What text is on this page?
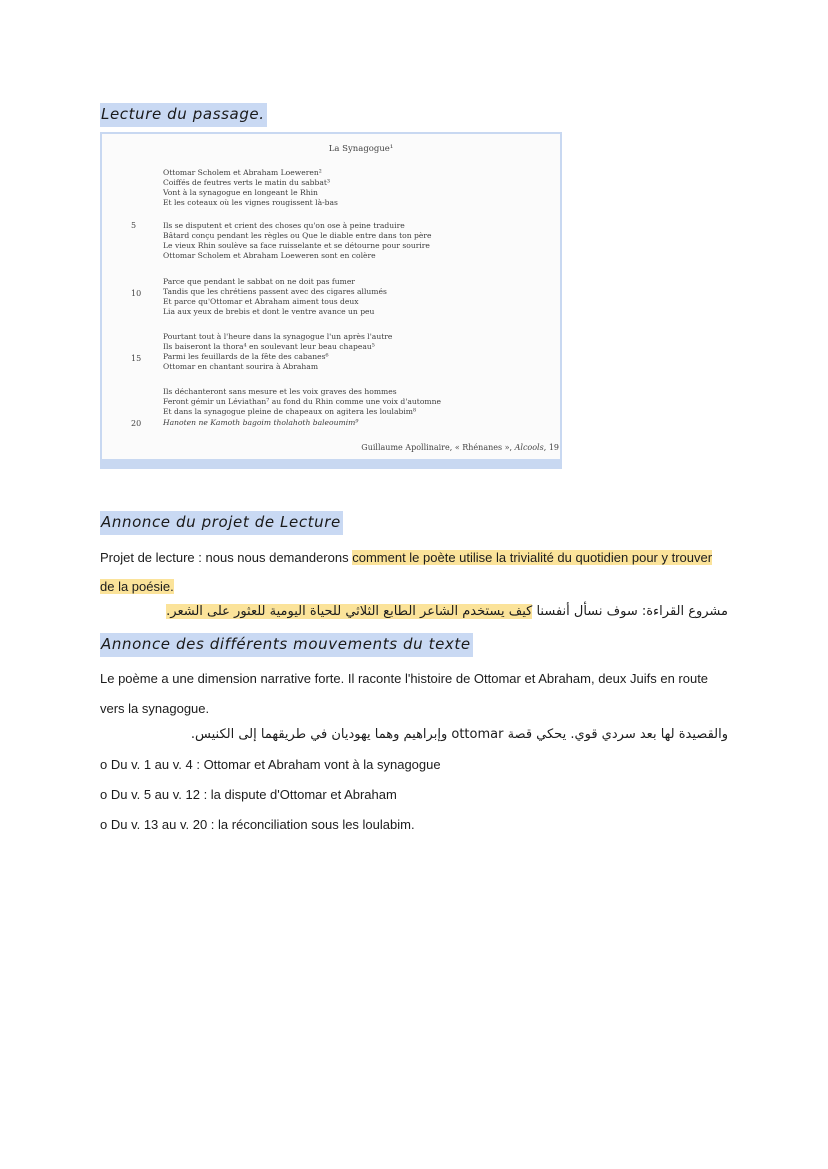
Lecture du passage.
La Synagogue¹
Ottomar Scholem et Abraham Loeweren²
Coiffés de feutres verts le matin du sabbat³
Vont à la synagogue en longeant le Rhin
Et les coteaux où les vignes rougissent là-bas
5	Ils se disputent et crient des choses qu'on ose à peine traduire
Bâtard conçu pendant les règles ou Que le diable entre dans ton père
Le vieux Rhin soulève sa face ruisselante et se détourne pour sourire
Ottomar Scholem et Abraham Loeweren sont en colère
Parce que pendant le sabbat on ne doit pas fumer
10	Tandis que les chrétiens passent avec des cigares allumés
Et parce qu'Ottomar et Abraham aiment tous deux
Lia aux yeux de brebis et dont le ventre avance un peu
Pourtant tout à l'heure dans la synagogue l'un après l'autre
Ils baiseront la thora⁴ en soulevant leur beau chapeau⁵
15	Parmi les feuillards de la fête des cabanes⁶
Ottomar en chantant sourira à Abraham
Ils déchanteront sans mesure et les voix graves des hommes
Feront gémir un Léviathan⁷ au fond du Rhin comme une voix d'automne
Et dans la synagogue pleine de chapeaux on agitera les loulabim⁸
20	Hanoten ne Kamoth bagoim tholahoth baleoumim⁹
Guillaume Apollinaire, « Rhénanes », Alcools, 19
Annonce du projet de Lecture
Projet de lecture : nous nous demanderons comment le poète utilise la trivialité du quotidien pour y trouver
de la poésie.
مشروع القراءة: سوف نسأل أنفسنا كيف يستخدم الشاعر الطابع الثلاثي للحياة اليومية للعثور على الشعر.
Annonce des différents mouvements du texte
Le poème a une dimension narrative forte. Il raconte l'histoire de Ottomar et Abraham, deux Juifs en route
vers la synagogue.
والقصيدة لها بعد سردي قوي. يحكي قصة ottomar وإبراهيم وهما يهوديان في طريقهما إلى الكنيس.
o Du v. 1 au v. 4 : Ottomar et Abraham vont à la synagogue
o Du v. 5 au v. 12 : la dispute d'Ottomar et Abraham
o Du v. 13 au v. 20 : la réconciliation sous les loulabim.
